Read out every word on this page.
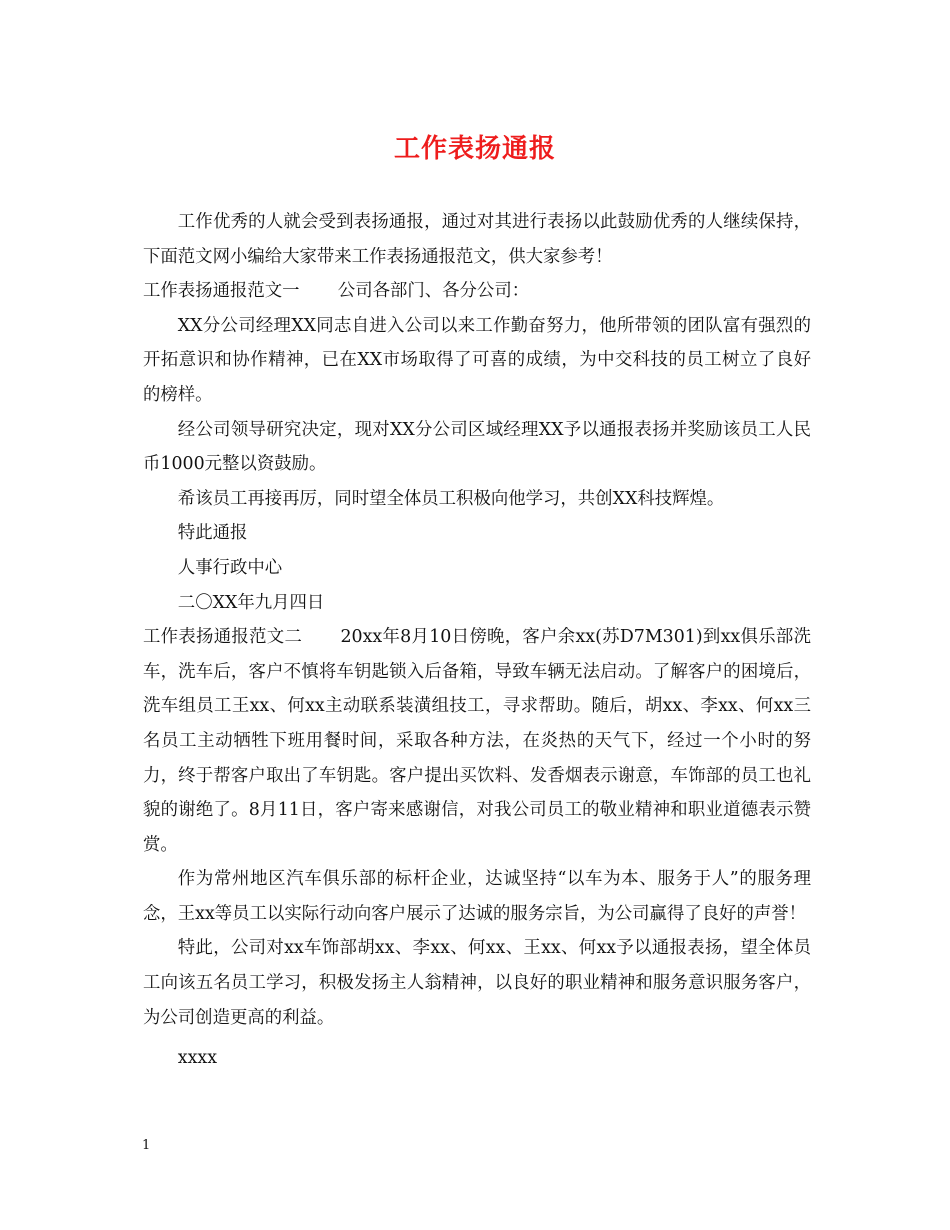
工作表扬通报

工作优秀的人就会受到表扬通报，通过对其进行表扬以此鼓励优秀的人继续保持，下面范文网小编给大家带来工作表扬通报范文，供大家参考！

工作表扬通报范文一 公司各部门、各分公司：

XX分公司经理XX同志自进入公司以来工作勤奋努力，他所带领的团队富有强烈的开拓意识和协作精神，已在XX市场取得了可喜的成绩，为中交科技的员工树立了良好的榜样。

经公司领导研究决定，现对XX分公司区域经理XX予以通报表扬并奖励该员工人民币1000元整以资鼓励。

希该员工再接再厉，同时望全体员工积极向他学习，共创XX科技辉煌。

特此通报

人事行政中心

二〇XX年九月四日

工作表扬通报范文二 20xx年8月10日傍晚，客户余xx(苏D7M301)到xx俱乐部洗车，洗车后，客户不慎将车钥匙锁入后备箱，导致车辆无法启动。了解客户的困境后，洗车组员工王xx、何xx主动联系装潢组技工，寻求帮助。随后，胡xx、李xx、何xx三名员工主动牺牲下班用餐时间，采取各种方法，在炎热的天气下，经过一个小时的努力，终于帮客户取出了车钥匙。客户提出买饮料、发香烟表示谢意，车饰部的员工也礼貌的谢绝了。8月11日，客户寄来感谢信，对我公司员工的敬业精神和职业道德表示赞赏。

作为常州地区汽车俱乐部的标杆企业，达诚坚持“以车为本、服务于人”的服务理念，王xx等员工以实际行动向客户展示了达诚的服务宗旨，为公司赢得了良好的声誉！

特此，公司对xx车饰部胡xx、李xx、何xx、王xx、何xx予以通报表扬，望全体员工向该五名员工学习，积极发扬主人翁精神，以良好的职业精神和服务意识服务客户，为公司创造更高的利益。

xxxx

1
